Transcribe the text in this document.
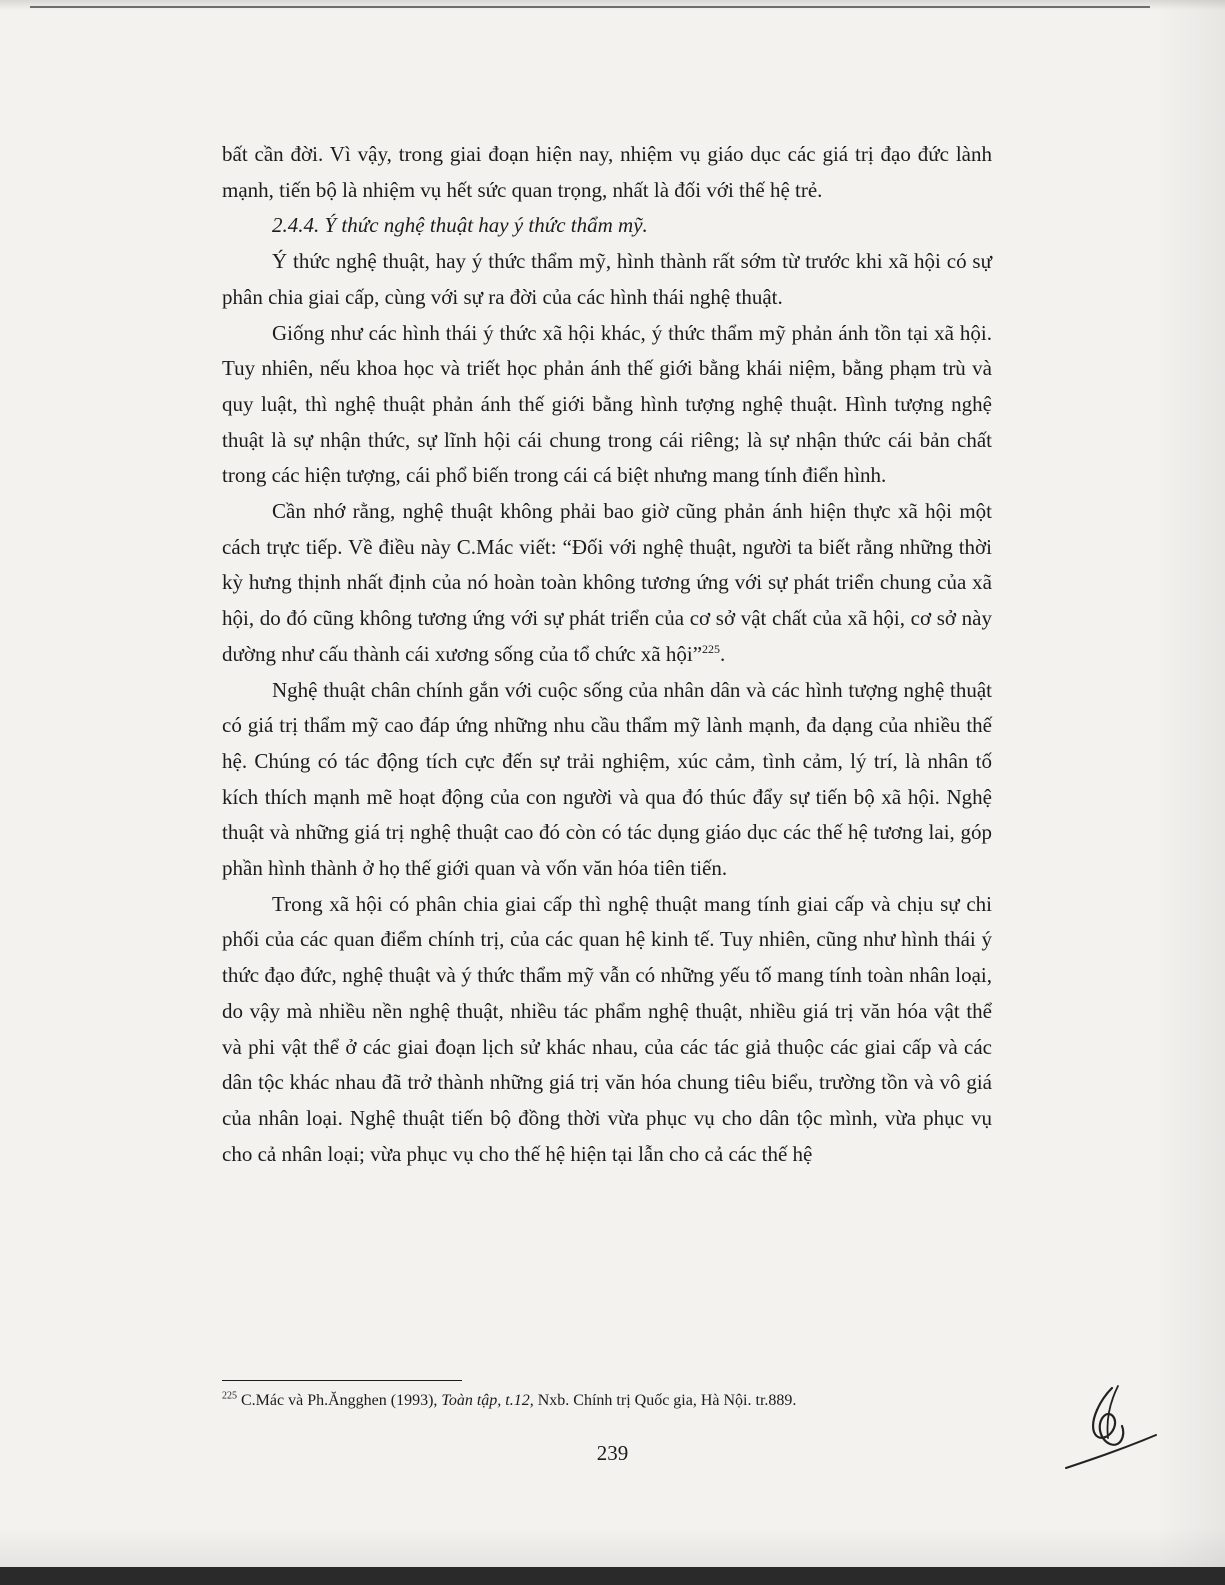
bất cần đời. Vì vậy, trong giai đoạn hiện nay, nhiệm vụ giáo dục các giá trị đạo đức lành mạnh, tiến bộ là nhiệm vụ hết sức quan trọng, nhất là đối với thế hệ trẻ.

2.4.4. Ý thức nghệ thuật hay ý thức thẩm mỹ.

Ý thức nghệ thuật, hay ý thức thẩm mỹ, hình thành rất sớm từ trước khi xã hội có sự phân chia giai cấp, cùng với sự ra đời của các hình thái nghệ thuật.

Giống như các hình thái ý thức xã hội khác, ý thức thẩm mỹ phản ánh tồn tại xã hội. Tuy nhiên, nếu khoa học và triết học phản ánh thế giới bằng khái niệm, bằng phạm trù và quy luật, thì nghệ thuật phản ánh thế giới bằng hình tượng nghệ thuật. Hình tượng nghệ thuật là sự nhận thức, sự lĩnh hội cái chung trong cái riêng; là sự nhận thức cái bản chất trong các hiện tượng, cái phổ biến trong cái cá biệt nhưng mang tính điển hình.

Cần nhớ rằng, nghệ thuật không phải bao giờ cũng phản ánh hiện thực xã hội một cách trực tiếp. Về điều này C.Mác viết: “Đối với nghệ thuật, người ta biết rằng những thời kỳ hưng thịnh nhất định của nó hoàn toàn không tương ứng với sự phát triển chung của xã hội, do đó cũng không tương ứng với sự phát triển của cơ sở vật chất của xã hội, cơ sở này dường như cấu thành cái xương sống của tổ chức xã hội”$^{225}$.

Nghệ thuật chân chính gắn với cuộc sống của nhân dân và các hình tượng nghệ thuật có giá trị thẩm mỹ cao đáp ứng những nhu cầu thẩm mỹ lành mạnh, đa dạng của nhiều thế hệ. Chúng có tác động tích cực đến sự trải nghiệm, xúc cảm, tình cảm, lý trí, là nhân tố kích thích mạnh mẽ hoạt động của con người và qua đó thúc đẩy sự tiến bộ xã hội. Nghệ thuật và những giá trị nghệ thuật cao đó còn có tác dụng giáo dục các thế hệ tương lai, góp phần hình thành ở họ thế giới quan và vốn văn hóa tiên tiến.

Trong xã hội có phân chia giai cấp thì nghệ thuật mang tính giai cấp và chịu sự chi phối của các quan điểm chính trị, của các quan hệ kinh tế. Tuy nhiên, cũng như hình thái ý thức đạo đức, nghệ thuật và ý thức thẩm mỹ vẫn có những yếu tố mang tính toàn nhân loại, do vậy mà nhiều nền nghệ thuật, nhiều tác phẩm nghệ thuật, nhiều giá trị văn hóa vật thể và phi vật thể ở các giai đoạn lịch sử khác nhau, của các tác giả thuộc các giai cấp và các dân tộc khác nhau đã trở thành những giá trị văn hóa chung tiêu biểu, trường tồn và vô giá của nhân loại. Nghệ thuật tiến bộ đồng thời vừa phục vụ cho dân tộc mình, vừa phục vụ cho cả nhân loại; vừa phục vụ cho thế hệ hiện tại lẫn cho cả các thế hệ

$^{225}$ C.Mác và Ph.Ăngghen (1993), Toàn tập, t.12, Nxb. Chính trị Quốc gia, Hà Nội. tr.889.
239
